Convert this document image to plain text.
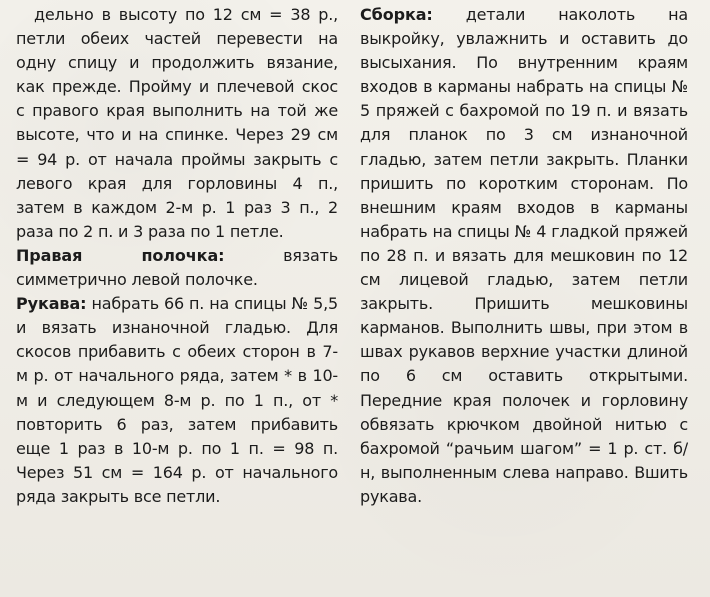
дельно в высоту по 12 см = 38 р., петли обеих частей перевести на одну спицу и продолжить вязание, как прежде. Пройму и плечевой скос с правого края выполнить на той же высоте, что и на спинке. Через 29 см = 94 р. от начала проймы закрыть с левого края для горловины 4 п., затем в каждом 2-м р. 1 раз 3 п., 2 раза по 2 п. и 3 раза по 1 петле.

Правая полочка: вязать симметрично левой полочке.

Рукава: набрать 66 п. на спицы № 5,5 и вязать изнаночной гладью. Для скосов прибавить с обеих сторон в 7-м р. от начального ряда, затем * в 10-м и следующем 8-м р. по 1 п., от * повторить 6 раз, затем прибавить еще 1 раз в 10-м р. по 1 п. = 98 п. Через 51 см = 164 р. от начального ряда закрыть все петли.

Сборка: детали наколоть на выкройку, увлажнить и оставить до высыхания. По внутренним краям входов в карманы набрать на спицы № 5 пряжей с бахромой по 19 п. и вязать для планок по 3 см изнаночной гладью, затем петли закрыть. Планки пришить по коротким сторонам. По внешним краям входов в карманы набрать на спицы № 4 гладкой пряжей по 28 п. и вязать для мешковин по 12 см лицевой гладью, затем петли закрыть. Пришить мешковины карманов. Выполнить швы, при этом в швах рукавов верхние участки длиной по 6 см оставить открытыми. Передние края полочек и горловину обвязать крючком двойной нитью с бахромой “рачьим шагом” = 1 р. ст. б/н, выполненным слева направо. Вшить рукава.
